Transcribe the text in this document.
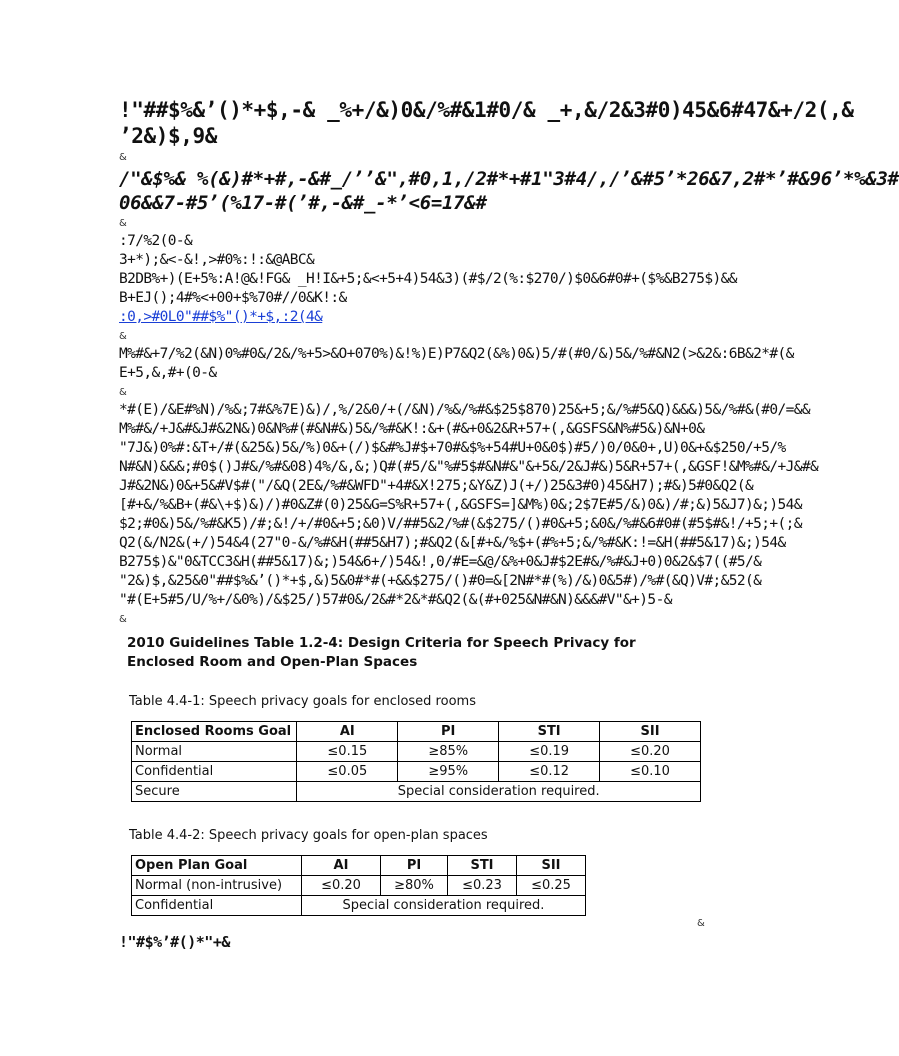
!"##$%&ʼ()*+$,-& _%+/&)0&/%#&1#0/& _+,&/2&3#0)45&6#47&+/2(,&
ʼ2&)$,9&
&
/"&$%& %(&)#*+#,-&#_/ʼʼ&",#0,1,/2#*+#1"3#4/,/ʼ&#5ʼ*26&7,2#*ʼ#&96ʼ*%&3#
06&&7-#5ʼ(%17-#(ʼ#,-&#_-*ʼ<6=17&#
&
:7/%2(0-&
3+*);&<-&!,>#0%:!:&@ABC&
B2DB%+)(E+5%:A!@&!FG& _H!I&+5;&<+5+4)54&3)(#$/2(%:$270/)$0&6#0#+($%&B275$)&&
B+EJ();4#%<+00+$%70#//0&K!:&
:0,>#0L0"##$%"()*+$,:2(4&
&
M%#&+7/%2(&N)0%#0&/2&/%+5>&O+070%)&!%)E)P7&Q2(&%)0&)5/#(#0/&)5&/%#&N2(>&2&:6B&2*#(&
E+5,&,#+(0-&
&
*#(E)/&E#%N)/%&;7#&%7E)&)/,%/2&0/+(/&N)/%&/%#&$25$870)25&+5;&/%#5&Q)&&&)5&/%#&(#0/=&&
M%#&/+J&#&J#&2N&)0&N%#(#&N#&)5&/%#&K!:&+(#&+0&2&R+57+(,&GSFS&N%#5&)&N+0&
"7J&)0%#:&T+/#(&25&)5&/%)0&+(/)$&#%J#$+70#&$%+54#U+0&0$)#5/)0/0&0+,U)0&+&$250/+5/%
N#&N)&&&;#0$()J#&/%#&08)4%/&,&;)Q#(#5/&"%#5$#&N#&"&+5&/2&J#&)5&R+57+(,&GSF!&M%#&/+J&#&
J#&2N&)0&+5&#V$#("/&Q(2E&/%#&WFD"+4#&X!275;&Y&Z)J(+/)25&3#0)45&H7);#&)5#0&Q2(&
[#+&/%&B+(#&\+$)&)/)#0&Z#(0)25&G=S%R+57+(,&GSFS=]&M%)0&;2$7E#5/&)0&)/#;&)5&J7)&;)54&
$2;#0&)5&/%#&K5)/#;&!/+/#0&+5;&0)V/##5&2/%#(&$275/()#0&+5;&0&/%#&6#0#(#5$#&!/+5;+(;&
Q2(&/N2&(+/)54&4(27"0-&/%#&H(##5&H7);#&Q2(&[#+&/%$+(#%+5;&/%#&K:!=&H(##5&17)&;)54&
B275$)&"0&TCC3&H(##5&17)&;)54&6+/)54&!,0/#E=&@/&%+0&J#$2E#&/%#&J+0)0&2&$7((#5/&
"2&)$,&25&0"##$%&ʼ()*+$,&)5&0#*#(+&&$275/()#0=&[2N#*#(%)/&)0&5#)/%#(&Q)V#;&52(&
"#(E+5#5/U/%+/&0%)/&$25/)57#0&/2&#*2&*#&Q2(&(#+025&N#&N)&&&#V"&+)5-&
&
2010 Guidelines Table 1.2-4: Design Criteria for Speech Privacy for Enclosed Room and Open-Plan Spaces
Table 4.4-1: Speech privacy goals for enclosed rooms
Enclosed Rooms Goal	AI	PI	STI	SII
Normal	≤0.15	≥85%	≤0.19	≤0.20
Confidential	≤0.05	≥95%	≤0.12	≤0.10
Secure	Special consideration required.			
Table 4.4-2: Speech privacy goals for open-plan spaces
Open Plan Goal	AI	PI	STI	SII
Normal (non-intrusive)	≤0.20	≥80%	≤0.23	≤0.25
Confidential	Special consideration required.			
&
!"#$%ʼ#()*"+&
